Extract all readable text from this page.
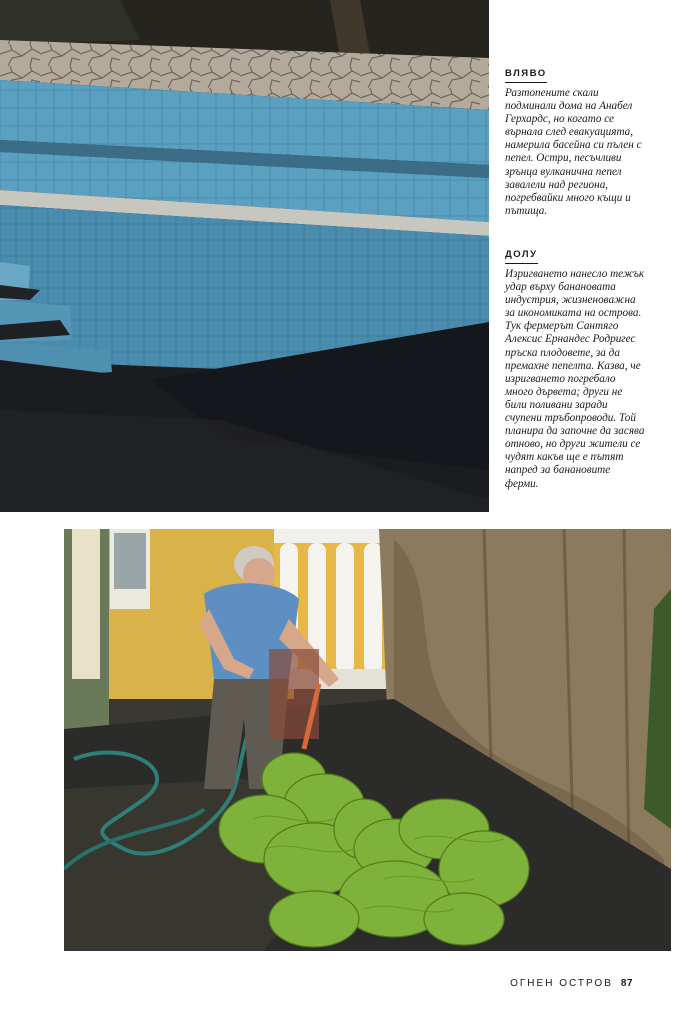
ВЛЯВО

Разтопените скали подминали дома на Анабел Герхардс, но когато се върнала след евакуацията, намерила басейна си пълен с пепел. Остри, песъчливи зрънца вулканична пепел завалели над региона, погребвайки много къщи и пътища.

ДОЛУ

Изригването нанесло тежък удар върху банановата индустрия, жизненоважна за икономиката на острова. Тук фермерът Сантяго Алексис Ернандес Родригес пръска плодовете, за да премахне пепелта. Казва, че изригването погребало много дървета; други не били поливани заради счупени тръбопроводи. Той планира да започне да засява отново, но други жители се чудят какъв ще е пътят напред за банановите ферми.

ОГНЕН ОСТРОВ 87
